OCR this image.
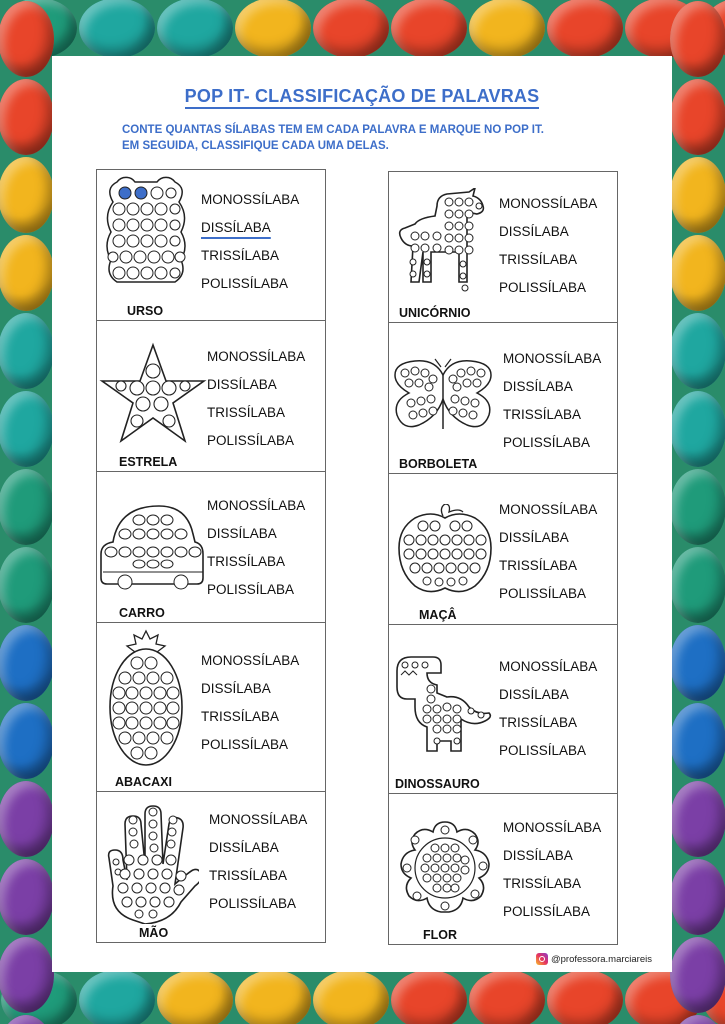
POP IT- CLASSIFICAÇÃO DE PALAVRAS
CONTE QUANTAS SÍLABAS TEM EM CADA PALAVRA E MARQUE NO POP IT.
EM SEGUIDA, CLASSIFIQUE CADA UMA DELAS.
URSO
MONOSSÍLABA
DISSÍLABA
TRISSÍLABA
POLISSÍLABA
ESTRELA
MONOSSÍLABA
DISSÍLABA
TRISSÍLABA
POLISSÍLABA
CARRO
MONOSSÍLABA
DISSÍLABA
TRISSÍLABA
POLISSÍLABA
ABACAXI
MONOSSÍLABA
DISSÍLABA
TRISSÍLABA
POLISSÍLABA
MÃO
MONOSSÍLABA
DISSÍLABA
TRISSÍLABA
POLISSÍLABA
UNICÓRNIO
MONOSSÍLABA
DISSÍLABA
TRISSÍLABA
POLISSÍLABA
BORBOLETA
MONOSSÍLABA
DISSÍLABA
TRISSÍLABA
POLISSÍLABA
MAÇÂ
MONOSSÍLABA
DISSÍLABA
TRISSÍLABA
POLISSÍLABA
DINOSSAURO
MONOSSÍLABA
DISSÍLABA
TRISSÍLABA
POLISSÍLABA
FLOR
MONOSSÍLABA
DISSÍLABA
TRISSÍLABA
POLISSÍLABA
@professora.marciareis
